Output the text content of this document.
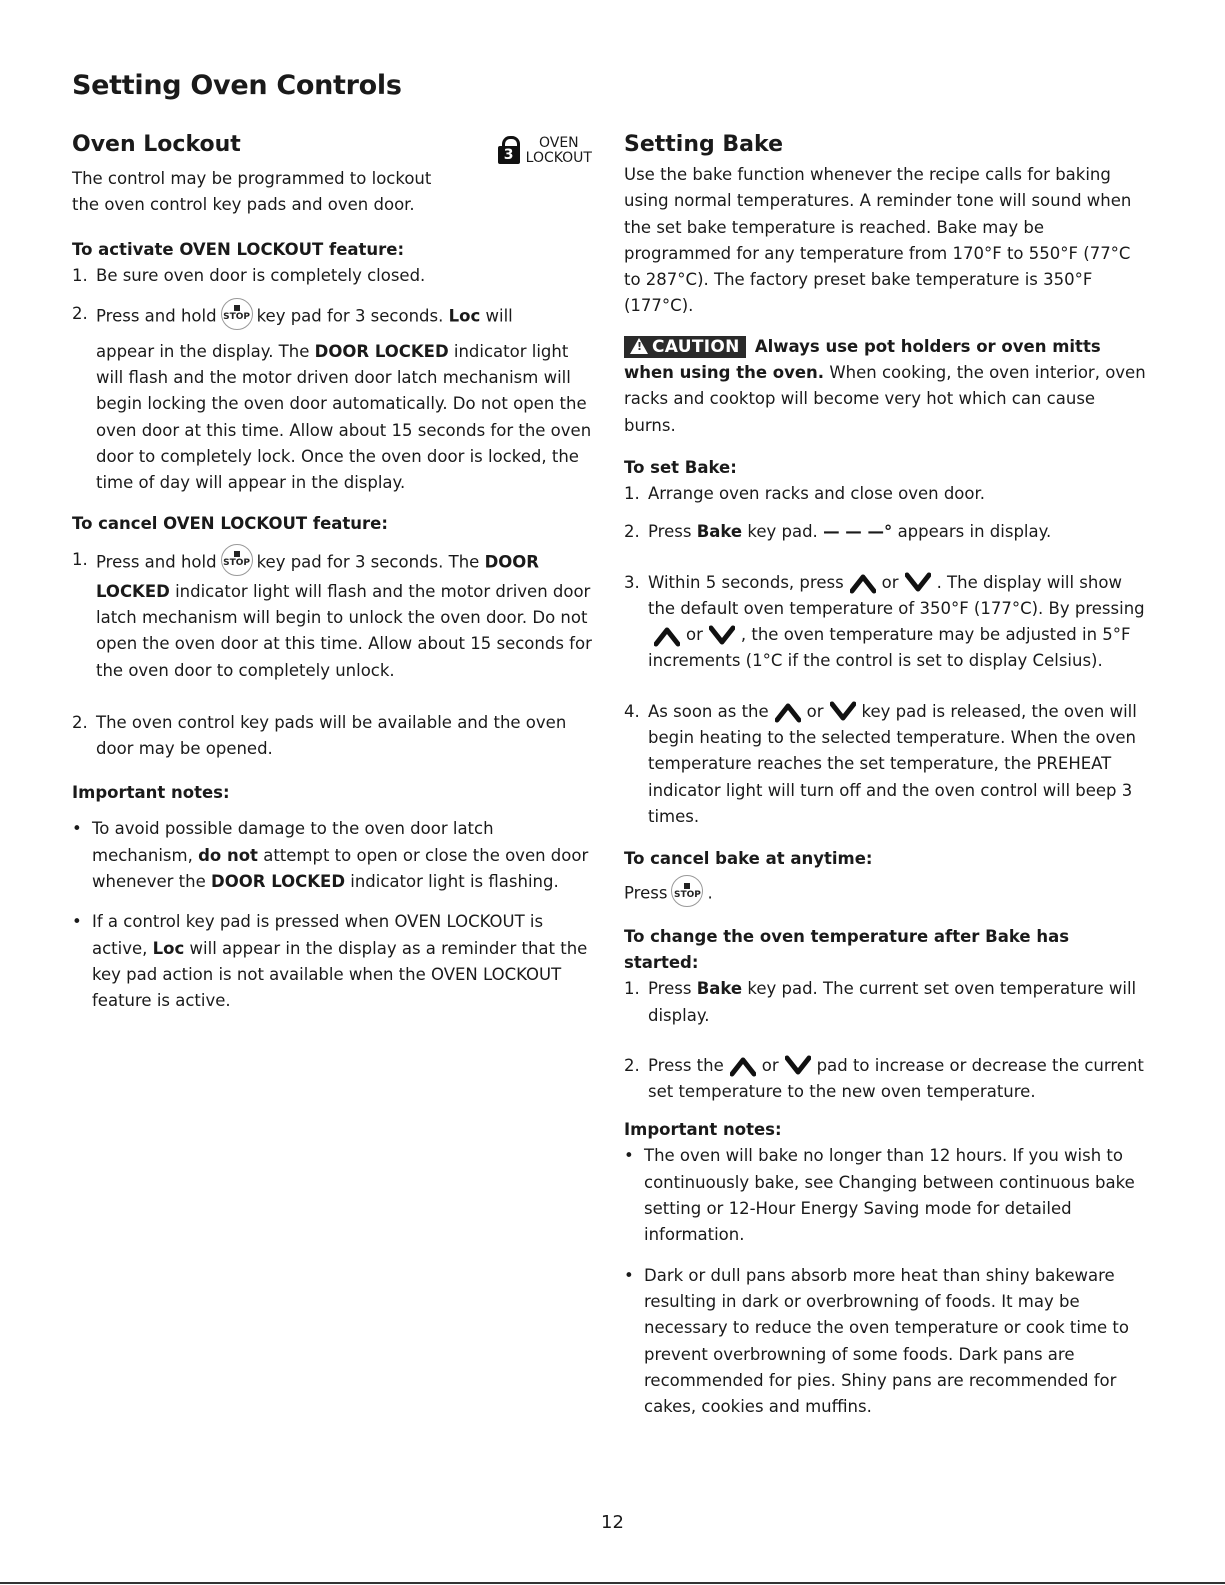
Setting Oven Controls
Oven Lockout	3
OVEN
LOCKOUT

The control may be programmed to lockout
the oven control key pads and oven door.

To activate OVEN LOCKOUT feature:
1. Be sure oven door is completely closed.
2. Press and hold STOP key pad for 3 seconds. Loc will
appear in the display. The DOOR LOCKED indicator light will flash and the motor driven door latch mechanism will begin locking the oven door automatically. Do not open the oven door at this time. Allow about 15 seconds for the oven door to completely lock. Once the oven door is locked, the time of day will appear in the display.
To cancel OVEN LOCKOUT feature:
1. Press and hold STOP key pad for 3 seconds. The DOOR LOCKED indicator light will flash and the motor driven door latch mechanism will begin to unlock the oven door. Do not open the oven door at this time. Allow about 15 seconds for the oven door to completely unlock.
2. The oven control key pads will be available and the oven door may be opened.
Important notes:
• To avoid possible damage to the oven door latch mechanism, do not attempt to open or close the oven door whenever the DOOR LOCKED indicator light is flashing.
• If a control key pad is pressed when OVEN LOCKOUT is active, Loc will appear in the display as a reminder that the key pad action is not available when the OVEN LOCKOUT feature is active.
Setting Bake

Use the bake function whenever the recipe calls for baking using normal temperatures. A reminder tone will sound when the set bake temperature is reached. Bake may be programmed for any temperature from 170°F to 550°F (77°C to 287°C). The factory preset bake temperature is 350°F (177°C).

! CAUTION Always use pot holders or oven mitts when using the oven. When cooking, the oven interior, oven racks and cooktop will become very hot which can cause burns.

To set Bake:
1. Arrange oven racks and close oven door.
2. Press Bake key pad. — — —° appears in display.
3. Within 5 seconds, press or . The display will show the default oven temperature of 350°F (177°C). By pressingor , the oven temperature may be adjusted in 5°F increments (1°C if the control is set to display Celsius).
4. As soon as the or key pad is released, the oven will begin heating to the selected temperature. When the oven temperature reaches the set temperature, the PREHEAT indicator light will turn off and the oven control will beep 3 times.
To cancel bake at anytime:

Press STOP .

To change the oven temperature after Bake has started:
1. Press Bake key pad. The current set oven temperature will display.
2. Press the or pad to increase or decrease the current set temperature to the new oven temperature.
Important notes:
• The oven will bake no longer than 12 hours. If you wish to continuously bake, see Changing between continuous bake setting or 12-Hour Energy Saving mode for detailed information.
• Dark or dull pans absorb more heat than shiny bakeware resulting in dark or overbrowning of foods. It may be necessary to reduce the oven temperature or cook time to prevent overbrowning of some foods. Dark pans are recommended for pies. Shiny pans are recommended for cakes, cookies and muffins.
12
